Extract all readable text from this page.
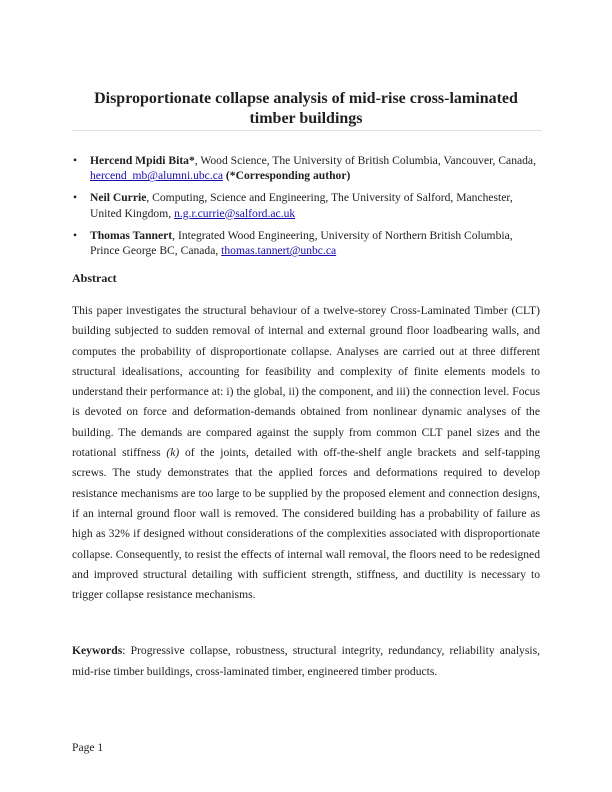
Disproportionate collapse analysis of mid-rise cross-laminated timber buildings
• Hercend Mpidi Bita*, Wood Science, The University of British Columbia, Vancouver, Canada, hercend_mb@alumni.ubc.ca (*Corresponding author)
• Neil Currie, Computing, Science and Engineering, The University of Salford, Manchester, United Kingdom, n.g.r.currie@salford.ac.uk
• Thomas Tannert, Integrated Wood Engineering, University of Northern British Columbia, Prince George BC, Canada, thomas.tannert@unbc.ca
Abstract

This paper investigates the structural behaviour of a twelve-storey Cross-Laminated Timber (CLT) building subjected to sudden removal of internal and external ground floor loadbearing walls, and computes the probability of disproportionate collapse. Analyses are carried out at three different structural idealisations, accounting for feasibility and complexity of finite elements models to understand their performance at: i) the global, ii) the component, and iii) the connection level. Focus is devoted on force and deformation-demands obtained from nonlinear dynamic analyses of the building. The demands are compared against the supply from common CLT panel sizes and the rotational stiffness (k) of the joints, detailed with off-the-shelf angle brackets and self-tapping screws. The study demonstrates that the applied forces and deformations required to develop resistance mechanisms are too large to be supplied by the proposed element and connection designs, if an internal ground floor wall is removed. The considered building has a probability of failure as high as 32% if designed without considerations of the complexities associated with disproportionate collapse. Consequently, to resist the effects of internal wall removal, the floors need to be redesigned and improved structural detailing with sufficient strength, stiffness, and ductility is necessary to trigger collapse resistance mechanisms.

Keywords: Progressive collapse, robustness, structural integrity, redundancy, reliability analysis, mid-rise timber buildings, cross-laminated timber, engineered timber products.

Page 1
